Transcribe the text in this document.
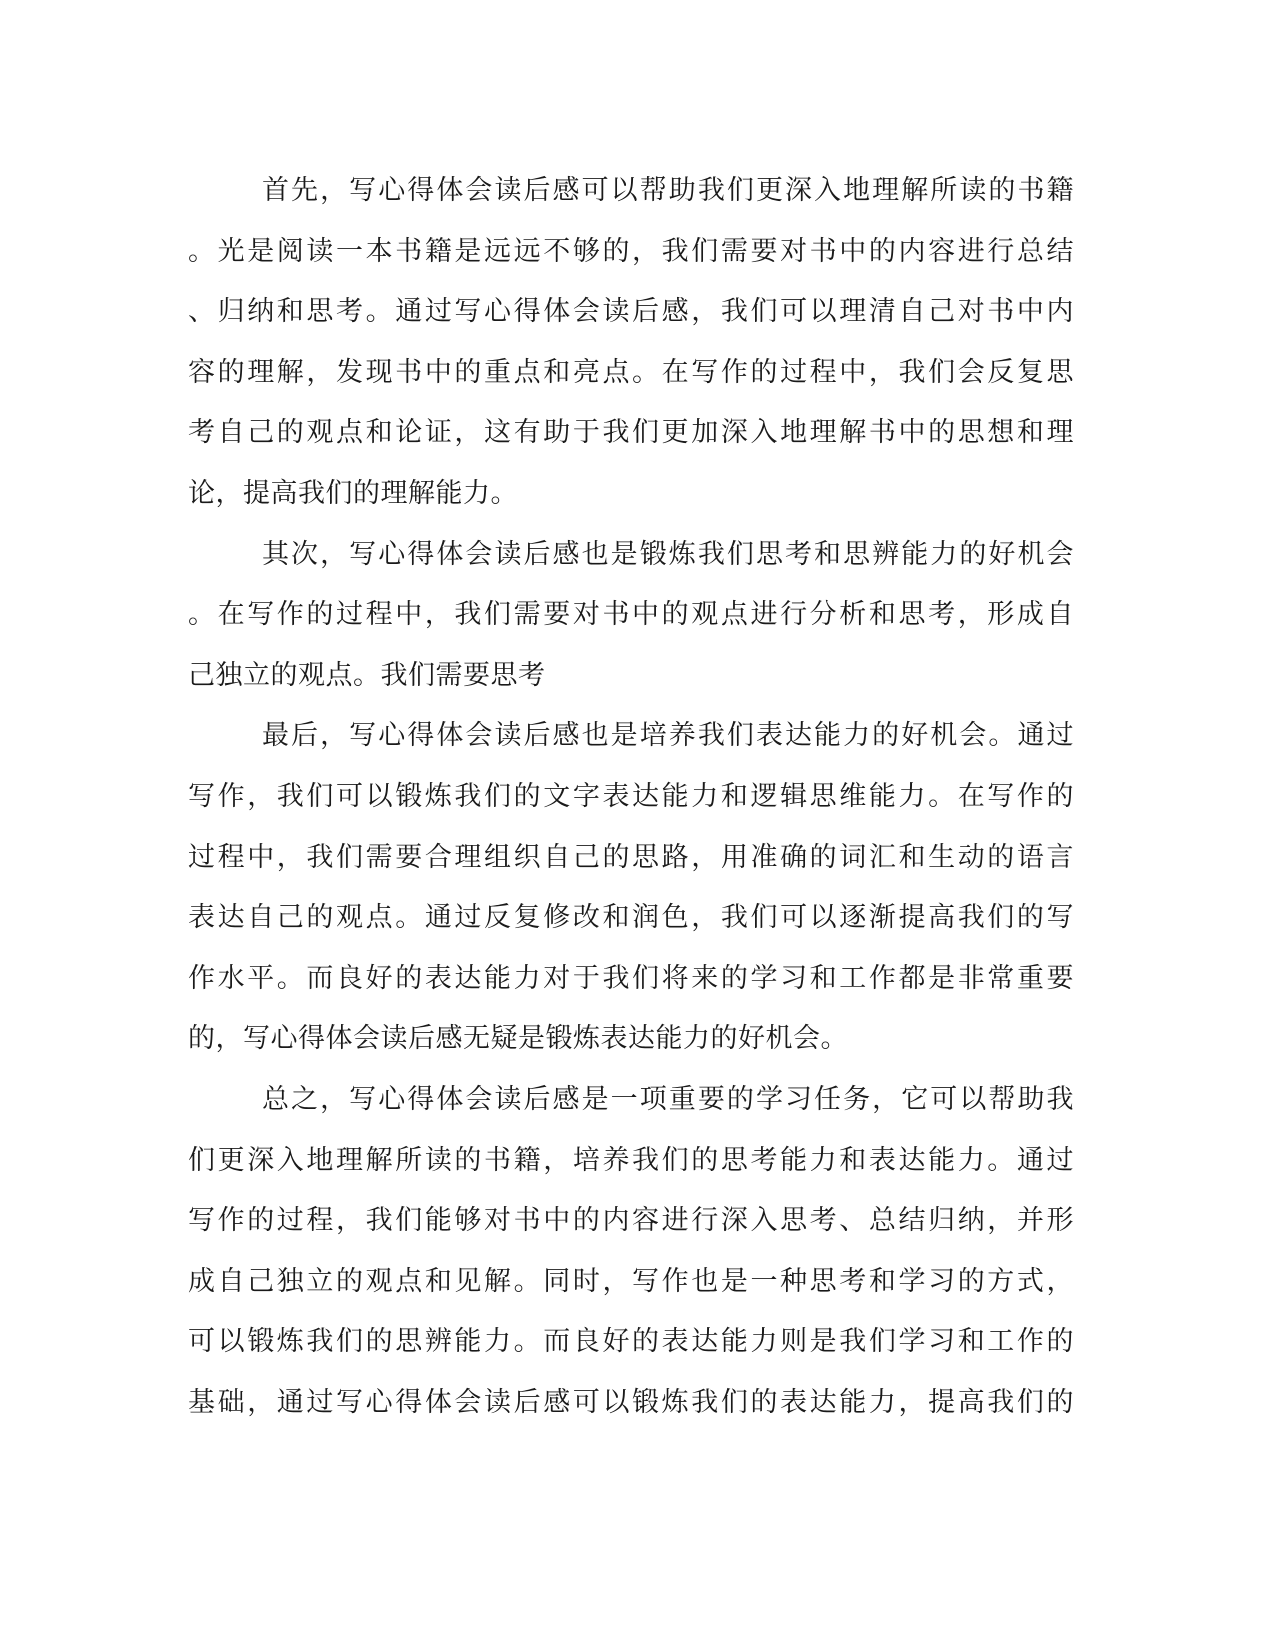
首先，写心得体会读后感可以帮助我们更深入地理解所读的书籍
。光是阅读一本书籍是远远不够的，我们需要对书中的内容进行总结
、归纳和思考。通过写心得体会读后感，我们可以理清自己对书中内
容的理解，发现书中的重点和亮点。在写作的过程中，我们会反复思
考自己的观点和论证，这有助于我们更加深入地理解书中的思想和理
论，提高我们的理解能力。

其次，写心得体会读后感也是锻炼我们思考和思辨能力的好机会
。在写作的过程中，我们需要对书中的观点进行分析和思考，形成自
己独立的观点。我们需要思考

最后，写心得体会读后感也是培养我们表达能力的好机会。通过
写作，我们可以锻炼我们的文字表达能力和逻辑思维能力。在写作的
过程中，我们需要合理组织自己的思路，用准确的词汇和生动的语言
表达自己的观点。通过反复修改和润色，我们可以逐渐提高我们的写
作水平。而良好的表达能力对于我们将来的学习和工作都是非常重要
的，写心得体会读后感无疑是锻炼表达能力的好机会。

总之，写心得体会读后感是一项重要的学习任务，它可以帮助我
们更深入地理解所读的书籍，培养我们的思考能力和表达能力。通过
写作的过程，我们能够对书中的内容进行深入思考、总结归纳，并形
成自己独立的观点和见解。同时，写作也是一种思考和学习的方式，
可以锻炼我们的思辨能力。而良好的表达能力则是我们学习和工作的
基础，通过写心得体会读后感可以锻炼我们的表达能力，提高我们的
